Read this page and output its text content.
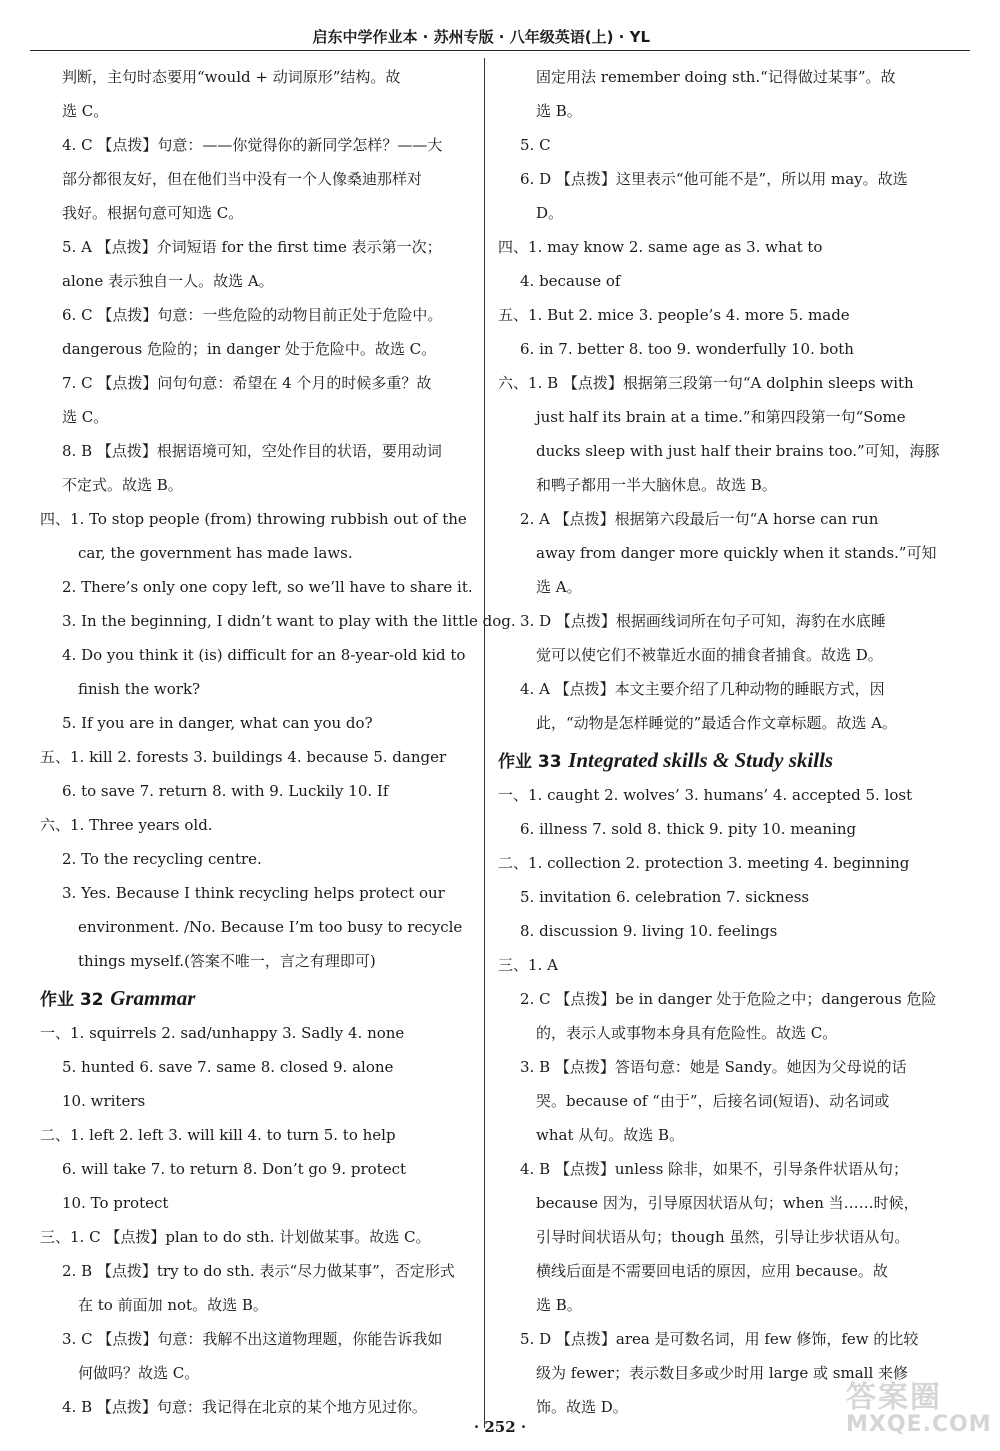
启东中学作业本 · 苏州专版 · 八年级英语(上) · YL
判断，主句时态要用“would + 动词原形”结构。故
选 C。
4. C 【点拨】句意：——你觉得你的新同学怎样？——大
部分都很友好，但在他们当中没有一个人像桑迪那样对
我好。根据句意可知选 C。
5. A 【点拨】介词短语 for the first time 表示第一次；
alone 表示独自一人。故选 A。
6. C 【点拨】句意：一些危险的动物目前正处于危险中。
dangerous 危险的；in danger 处于危险中。故选 C。
7. C 【点拨】问句句意：希望在 4 个月的时候多重？故
选 C。
8. B 【点拨】根据语境可知，空处作目的状语，要用动词
不定式。故选 B。
四、1. To stop people (from) throwing rubbish out of the
car, the government has made laws.
2. There’s only one copy left, so we’ll have to share it.
3. In the beginning, I didn’t want to play with the little dog.
4. Do you think it (is) difficult for an 8-year-old kid to
finish the work?
5. If you are in danger, what can you do?
五、1. kill 2. forests 3. buildings 4. because 5. danger
6. to save 7. return 8. with 9. Luckily 10. If
六、1. Three years old.
2. To the recycling centre.
3. Yes. Because I think recycling helps protect our
environment. /No. Because I’m too busy to recycle
things myself.(答案不唯一，言之有理即可)
作业 32 Grammar
一、1. squirrels 2. sad/unhappy 3. Sadly 4. none
5. hunted 6. save 7. same 8. closed 9. alone
10. writers
二、1. left 2. left 3. will kill 4. to turn 5. to help
6. will take 7. to return 8. Don’t go 9. protect
10. To protect
三、1. C 【点拨】plan to do sth. 计划做某事。故选 C。
2. B 【点拨】try to do sth. 表示“尽力做某事”，否定形式
在 to 前面加 not。故选 B。
3. C 【点拨】句意：我解不出这道物理题，你能告诉我如
何做吗？故选 C。
4. B 【点拨】句意：我记得在北京的某个地方见过你。
固定用法 remember doing sth.“记得做过某事”。故
选 B。
5. C
6. D 【点拨】这里表示“他可能不是”，所以用 may。故选
D。
四、1. may know 2. same age as 3. what to
4. because of
五、1. But 2. mice 3. people’s 4. more 5. made
6. in 7. better 8. too 9. wonderfully 10. both
六、1. B 【点拨】根据第三段第一句“A dolphin sleeps with
just half its brain at a time.”和第四段第一句“Some
ducks sleep with just half their brains too.”可知，海豚
和鸭子都用一半大脑休息。故选 B。
2. A 【点拨】根据第六段最后一句“A horse can run
away from danger more quickly when it stands.”可知
选 A。
3. D 【点拨】根据画线词所在句子可知，海豹在水底睡
觉可以使它们不被靠近水面的捕食者捕食。故选 D。
4. A 【点拨】本文主要介绍了几种动物的睡眠方式，因
此，“动物是怎样睡觉的”最适合作文章标题。故选 A。
作业 33 Integrated skills & Study skills
一、1. caught 2. wolves’ 3. humans’ 4. accepted 5. lost
6. illness 7. sold 8. thick 9. pity 10. meaning
二、1. collection 2. protection 3. meeting 4. beginning
5. invitation 6. celebration 7. sickness
8. discussion 9. living 10. feelings
三、1. A
2. C 【点拨】be in danger 处于危险之中；dangerous 危险
的，表示人或事物本身具有危险性。故选 C。
3. B 【点拨】答语句意：她是 Sandy。她因为父母说的话
哭。because of “由于”，后接名词(短语)、动名词或
what 从句。故选 B。
4. B 【点拨】unless 除非，如果不，引导条件状语从句；
because 因为，引导原因状语从句；when 当……时候，
引导时间状语从句；though 虽然，引导让步状语从句。
横线后面是不需要回电话的原因，应用 because。故
选 B。
5. D 【点拨】area 是可数名词，用 few 修饰，few 的比较
级为 fewer；表示数目多或少时用 large 或 small 来修
饰。故选 D。
· 252 ·
答案圈
MXQE.COM
